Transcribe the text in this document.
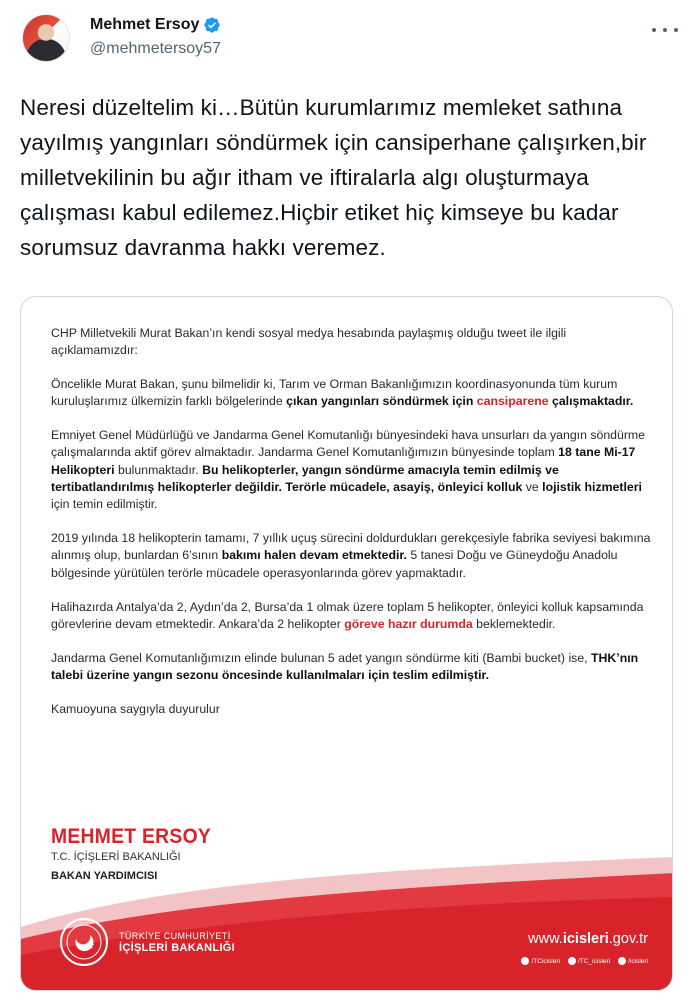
Mehmet Ersoy
@mehmetersoy57
Neresi düzeltelim ki…Bütün kurumlarımız memleket sathına yayılmış yangınları söndürmek için cansiperhane çalışırken,bir milletvekilinin bu ağır itham ve iftiralarla algı oluşturmaya çalışması kabul edilemez.Hiçbir etiket hiç kimseye bu kadar sorumsuz davranma hakkı veremez.

CHP Milletvekili Murat Bakan’ın kendi sosyal medya hesabında paylaşmış olduğu tweet ile ilgili açıklamamızdır:

Öncelikle Murat Bakan, şunu bilmelidir ki, Tarım ve Orman Bakanlığımızın koordinasyonunda tüm kurum kuruluşlarımız ülkemizin farklı bölgelerinde çıkan yangınları söndürmek için cansiparene çalışmaktadır.

Emniyet Genel Müdürlüğü ve Jandarma Genel Komutanlığı bünyesindeki hava unsurları da yangın söndürme çalışmalarında aktif görev almaktadır. Jandarma Genel Komutanlığımızın bünyesinde toplam 18 tane Mi-17 Helikopteri bulunmaktadır. Bu helikopterler, yangın söndürme amacıyla temin edilmiş ve tertibatlandırılmış helikopterler değildir. Terörle mücadele, asayiş, önleyici kolluk ve lojistik hizmetleri için temin edilmiştir.

2019 yılında 18 helikopterin tamamı, 7 yıllık uçuş sürecini doldurdukları gerekçesiyle fabrika seviyesi bakımına alınmış olup, bunlardan 6’sının bakımı halen devam etmektedir. 5 tanesi Doğu ve Güneydoğu Anadolu bölgesinde yürütülen terörle mücadele operasyonlarında görev yapmaktadır.

Halihazırda Antalya’da 2, Aydın’da 2, Bursa’da 1 olmak üzere toplam 5 helikopter, önleyici kolluk kapsamında görevlerine devam etmektedir. Ankara’da 2 helikopter göreve hazır durumda beklemektedir.

Jandarma Genel Komutanlığımızın elinde bulunan 5 adet yangın söndürme kiti (Bambi bucket) ise, THK’nın talebi üzerine yangın sezonu öncesinde kullanılmaları için teslim edilmiştir.

Kamuoyuna saygıyla duyurulur

TÜRKİYE CUMHURİYETİ
İÇİŞLERİ BAKANLIĞI
www.icisleri.gov.tr
/TCicisleri	/TC_icisleri	/icisleri
MEHMET ERSOY
T.C. İÇİŞLERİ BAKANLIĞI
BAKAN YARDIMCISI
